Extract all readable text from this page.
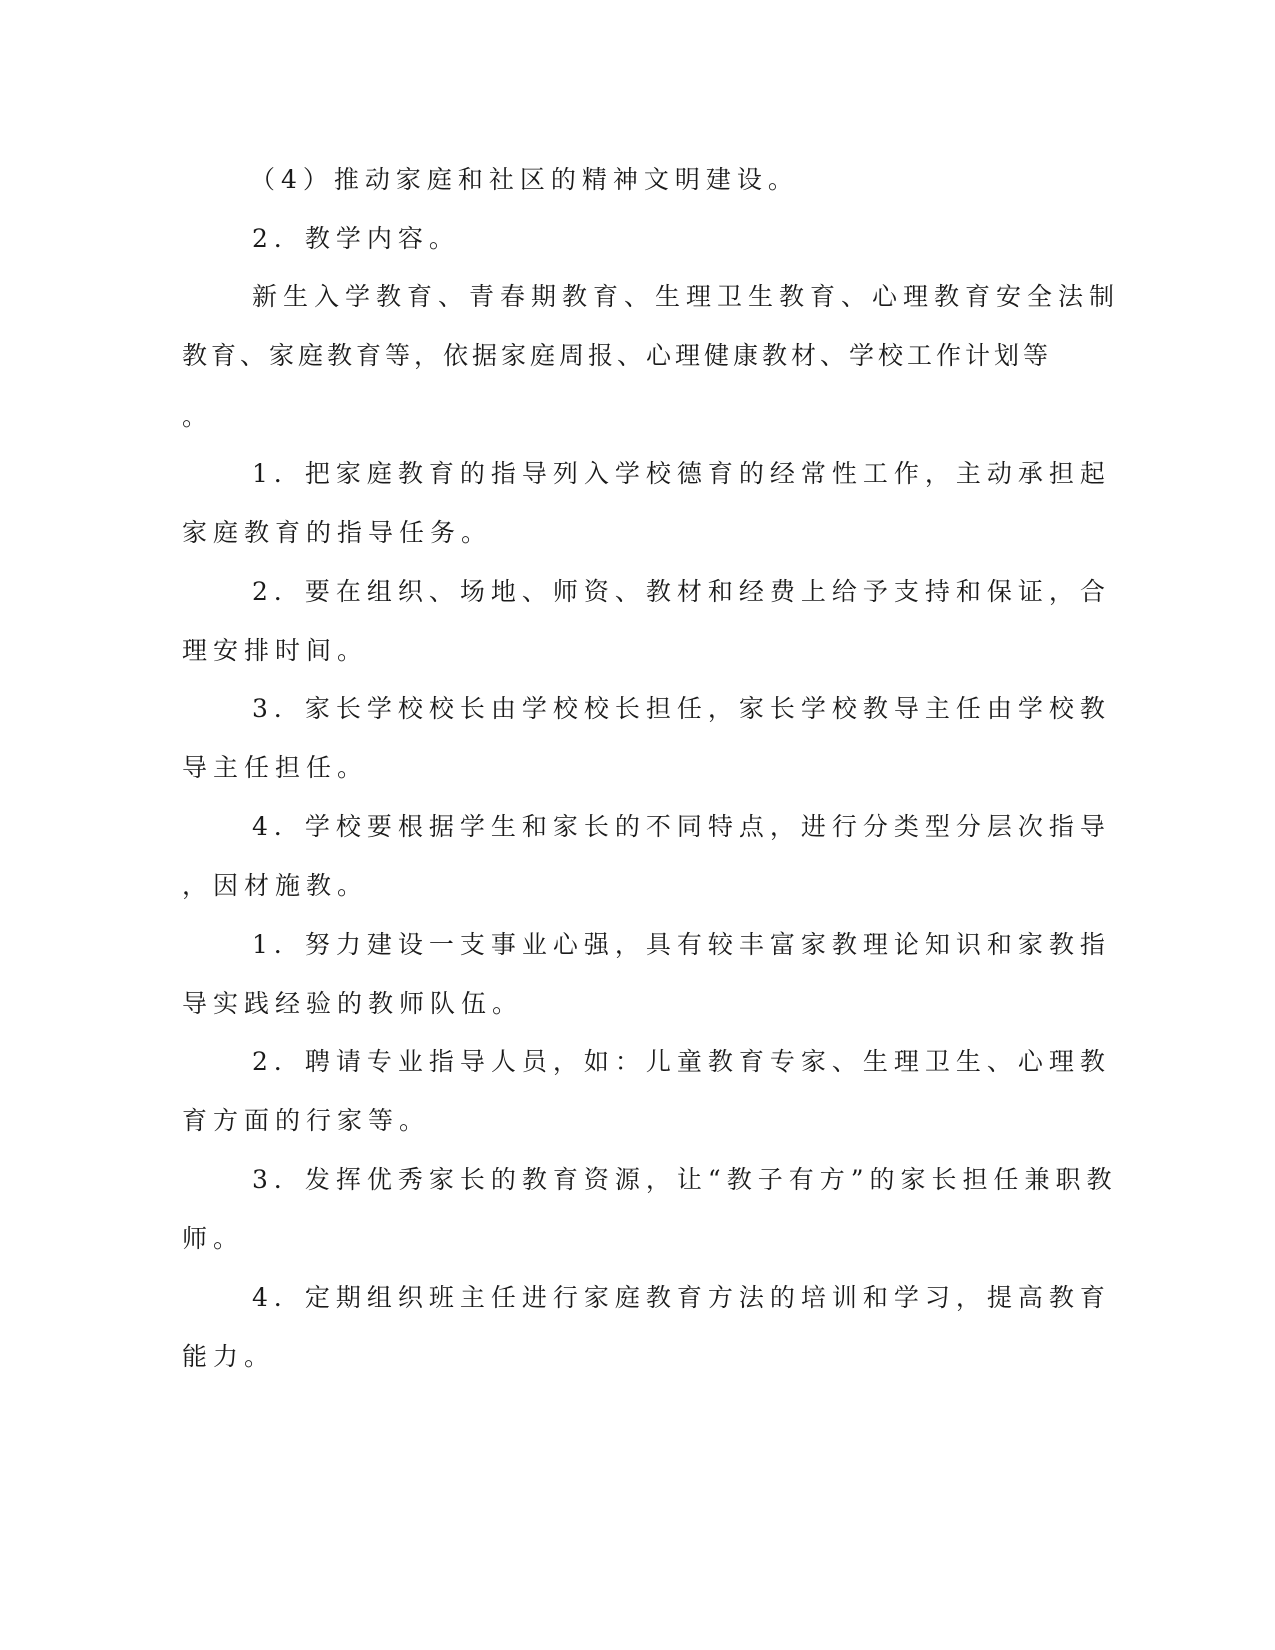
（4）推动家庭和社区的精神文明建设。
2．教学内容。
新生入学教育、青春期教育、生理卫生教育、心理教育安全法制
教育、家庭教育等，依据家庭周报、心理健康教材、学校工作计划等
。
1．把家庭教育的指导列入学校德育的经常性工作，主动承担起
家庭教育的指导任务。
2．要在组织、场地、师资、教材和经费上给予支持和保证，合
理安排时间。
3．家长学校校长由学校校长担任，家长学校教导主任由学校教
导主任担任。
4．学校要根据学生和家长的不同特点，进行分类型分层次指导
，因材施教。
1．努力建设一支事业心强，具有较丰富家教理论知识和家教指
导实践经验的教师队伍。
2．聘请专业指导人员，如：儿童教育专家、生理卫生、心理教
育方面的行家等。
3．发挥优秀家长的教育资源，让“教子有方”的家长担任兼职教
师。
4．定期组织班主任进行家庭教育方法的培训和学习，提高教育
能力。
